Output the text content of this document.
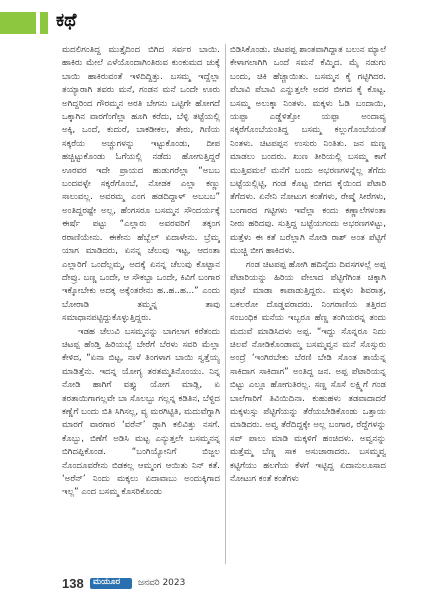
ಕಥೆ

ಮದಲಿಗಂತಿದ್ದ ಮುತ್ತೈದಿಂದ ಬಿಗಿದ ಸರ್ವರ ಬಾಯಿ. ಹಾಕಿರು ಮೇಲೆ ಎಳೆಯೊಂದಾಗಿಂತಿರುವ ಕುಂಕುಮದ ಚುಕ್ಕೆ ಬಾಯಿ ಹಾಕಿರುವಂತೆ ಇಳಿದಿದ್ದಿತ್ತು. ಬಸಮ್ಮ ಇದ್ದೆಲ್ಲಾ ತಯ್ಯಾರಾಗಿ ತವರು ಮನೆ, ಗಂಡನ ಮನೆ ಒಂದೇ ಊರು ಅಗಿದ್ದರಿಂದ ಗೌರಮ್ಮನ ಅರತಿ ಬೇಗನು ಒಟ್ಟಿಗೇ ಹೋಗದೆ ಒಕ್ಕಾಗಿನ ವಾರಗೆಂಗೆಲ್ಲಾ ಹೂಗಿ ಕರೆದು, ಬೆಳ್ಳಿ ತಟ್ಟೆಯಲ್ಲಿ ಅಕ್ಕಿ, ಒಂದೆ, ಕುದುರೆ, ಬಾಕಡೀಕಲ, ತೇರು, ಗಿಣಿಯ ಸಕ್ಕರೆಯ ಅಚ್ಚುಗಳನ್ನು ಇಟ್ಟುಕೊಂಡು, ದೀಪ ಹಚ್ಚಿಟ್ಟುಕೊಂಡು ಓಗೆಯಲ್ಲಿ ನಡೆದು ಹೋಗುತ್ತಿದ್ದರೆ ಊರವರ ಇದೇ ಪ್ರಾಯದ ಹುಡುಗರೆಲ್ಲಾ “ಅಬಬ ಬಂದವಳ್ಳೇ ಸಕ್ಕರೆಗೊಂಬೆ, ನೋಡಕ ಎಲ್ಲಾ ಕಣ್ಣು ಸಾಲುವಲ್ಲ. ಅವರಮ್ಮ ಎಂಗ ಹಡದಿದ್ದಾಳ್ ಅಬಬಬ” ಅಂತಿದ್ದರಷ್ಟೇ ಅಲ್ಲ, ಹೆಂಗಸರೂ ಬಸಮ್ಮನ ಸೌಂದರ್ಯಕ್ಕೆ ಈರ್ಷೆ ಪಟ್ಟು “ಎಲ್ಲಾರು ಅವರವರಿಗೆ ತಕ್ಕಂಗ ರರಾಣಿಯೇನು. ಈಕೇನು ಹೆಬ್ಬೆಲ್ ಏದಾಳೇನು. ಬ್ರೆಮ್ಮ ಯಾಗ ಮಾಡಿದರು, ಏನನ್ನ ಚೆಲುವು ಇಟ್ಟ, ಆದಂತಾ ಎಲ್ಲಾರಿಗೆ ಒಂದೆಲ್ಲಮ್ಮ, ಅದಕ್ಕೆ ಏನನ್ನ ಚೆಲುವು ಕೊಟ್ಟಾನ ದೇವ್ರು. ಬಣ್ಣ ಒಂದೇ, ಆ ಸೌಕಬ್ಬಾ ಒಂದೇ, ಕಿವಿಗೆ ಬಂಗಾರ ಇಕ್ಕೋಬೇಕು ಅದಕ್ಕ ಅಕ್ಕೆಂತರೇನು ಹ..ಹ..ಹ...” ಎಂದು ಬೋರಾಡಿ ತಮ್ಮನ್ನ ತಾವು ಸಮಾಧಾನಪಟ್ಟಿದ್ದುಕೊಳ್ಳುತ್ತಿದ್ದರು.

ಇಡಹ ಚೆಲುವಿ ಬಸಮ್ಮನನ್ನು ಬಾಗಲಾಗ ಕರೆತಂದು ಚಿಟಪ್ಪ ಹೆಂಡ್ತಿ ಹಿರಿಯಬ್ಬೆ ಬೇರೆಗೆ ಬೆರಳು ಸವರಿ ಮೆಲ್ಲಾ ಕೇಳಿದ, “ಏನಾ ಬಿಟ್ಟ, ನಾಳೆ ತಿಂಗಳಾಗ ಬಾಯಿ ಸ್ವತ್ತೆಯ್ಯ ಮಾಡಿತ್ತೆನು. ಇದನ್ನ ಯೋಗ್ಯ ತರತಮ್ಮತಿನೊಂಯು. ನಿನ್ನ ನೋಡಿ ಹಾಗಿಗೆ ವತ್ತ್ಯು ಯೋಗ ಮಾಡ್ಲಿ, ಏ ತರತಾಯಿಗಾಗಲ್ಲವೇ ಬಾ ಸೊಲಬ್ಬು ಗಲ್ಲನ್ನ ಕಡಿತಿನ, ಬೆಳ್ದಿದ ಕಣ್ಣೆಗೆ ಬಂದು ಬಿತಿ ಸಿಗಿಸಲ್ಲ, ವ್ಯ ಮರಗಿಟ್ಟಿತಿ, ಮದುವೆಗ್ನಾಗಿ ಮಾರಗೆ ವಾರಗಾರ ‘ವರೆನ್’ ಡ್ಗಾಗಿ ಕಲಿವಿತ್ತು ನಸಗೆ. ಕೊಬ್ಬು, ಬಿಣೆಗೆ ಅಡಿಸಿ ಮಟ್ಟ ಎನ್ಯುತ್ತಲೇ ಬಸಮ್ಮನನ್ನ ಬಿಗಿದಪ್ಪಿಕೊಂಡ. “ಬಂಗಿಯ್ಯೋನಿಗೆ ಬಿಜ್ಜಲ ನೊಂದೂವರೇನು ಬಿಡಕಲ್ಲ ಆಮ್ಮಂಗ ಆಯಿತು ನಿನ್ ಕತೆ. ‘ಅರೆನ್’ ನಿಂದು ಮಕ್ಕಲು ಏದಾವಾಬು ಅಂದುಕ್ಕಿಗಾದ ಇಲ್ಲ” ಎಂದ ಬಸಮ್ಮ ಕೊಸರಿಕೊಂಡು

ಬಿಡಿಸಿಕೊಂಡು. ಚಿಟಪಪ್ಪ ಶಾಂತವಾಗಿದ್ದಾತ ಬಲುನ ಮ್ಯಾಲೆ ಕೇಳಾಗಲಾಗಿಗಿ ಒಂದೆ ಸಮನೆ ಕೆಮ್ಮಿದ. ಮೈ ನಡುಗು ಬಂದು, ಚಿಕಿ ಹೆಚ್ಚಾಯಿತು. ಬಸಮ್ಮನ ಕೈ ಗಟ್ಟಿಗಿದರ. ಪೆಬಾವಿ ಪೆಬಾವಿ ಎನ್ನುತ್ತಲೇ ಅದರ ಬೀಗದ ಕೈ ಕೊಟ್ಟ. ಬಸಮ್ಮ ಅಲುಕ್ಕಾ ನಿಂತಳು. ಮಕ್ಕಳು ಓಡಿ ಬಂದಾಯಿ, ಯಪ್ಪಾ ಎಡ್ಡೆಳಿತ್ತೋ ಯಪ್ಪಾ ಅಂದಾವ್ಯ ಸಕ್ಕರೆಗೊಂಬೆಯಂತಿದ್ದ ಬಸಮ್ಮ ಕಲ್ಲುಗೊಂಬೆಯಂತೆ ನಿಂತಳು. ಚಿಟಪಪ್ಪನ ಉಸುರು ನಿಂತಿತು. ಜನ ಮಣ್ಣ ಮಾಡಲು ಬಂದರು. ಖುಣ ತೀರಿಯಲ್ಲಿ ಬಸಮ್ಮ ಕಾಗೆ ಮುತ್ತಿವಮಲೆ ಮನೆಗೆ ಬಂದು ಅಭರಣಗಳನ್ನೆಲ್ಲ ತೆಗೆದು ಬಟ್ಟೆಯಲ್ಲಿಟ್ಟಿ, ಗಂಡ ಕೊಟ್ಟ ಬೀಗದ ಕೈಯಿಂದ ಪೆಟಾರಿ ತೆಗೆದಳು. ಏನೇನಿ ನೋಟುಗ ಕಂತೆಗಳು, ರೇಷ್ಮೆ ಸೀರೆಗಳು, ಬಂಗಾರದ ಗಟ್ಟಿಗಳು ಇವೆಲ್ಲಾ ಕಂದು ಕಣ್ಣಾಲೆಗಳಂತಾ ನೀರು ಹರಿದವು. ಸುತ್ತಿದ್ದ ಬಟ್ಟೆಯಗಂದು ಅಭರಣಗಳಿಟ್ಟು, ಮತ್ತೆಳು ಈ ಕತೆ ಬರೆಲ್ಲಾಗಿ ನೋಡಿ ರಾಶ್ ಅಂತ ಪೆಟ್ಟಿಗೆ ಮುಚ್ಚಿ ಬೀಗ ಹಾಕಿದಳು.

ಗಂಡ ಚಿಟಪಪ್ಪ ಹೋಗಿ ಹದಿನೈದು ದಿವಸಗಳಲ್ಲೆ ಅಪ್ಪ ಪೆಟಾರಿಯನ್ನು ಹಿರಿಯ ವೇಲಾದ ಪೆಟ್ಟಿಗೆಗಿಂತ ಚಿಕ್ಕಾಗಿ ಪೂಜೆ ಮಾಡಾ ಕಾಪಾಡುತ್ತಿದ್ದರು. ಮಕ್ಕಳು ಶಿವರಾತ್ರ, ಬಕಲರೋ ದೊಡ್ಡವರಾದರು. ನಿಂಗರಾಣಿಯ ತತ್ತಿರದ ಸಂಬಂಧಿಕ ಮನೆಯ ಇಬ್ಬರೂ ಹೆಣ್ಣ ತಂಗಿಯರನ್ನ ತಂದು ಮದುವೆ ಮಾಡಿಸಿದಳು ಅಪ್ಪ. “ಇದ್ದು ಸೊನ್ನರೂ ನಿದು ಚಿಲವೆ ನೋಡಿಕೊಂಡಾಮ್ಮ ಬಸಮ್ಮವ್ವನ ಮನೆ ಸೊಸ್ಸುರು ಅಂದ್ರೆ ‘ಇಂಗಿರಬೇಕು ಬೆರಣಿ ಬೇಡಿ ಸೊಂತ ತಾಯೆನ್ನ ಸಾಕಿದಾಗ ಸಾಕಿದಾಗ” ಅಂತಿದ್ದ ಜನ. ಅಪ್ಪ ಪೆಟಾರಿಯನ್ನ ಬಿಟ್ಟು ಎಲ್ಲೂ ಹೋಗುತಿರಲ್ಲ. ಸಣ್ಣ ಸೊಸೆ ಲಕ್ಷ್ಮಿಗೆ ಗಂಡ ಬಾಲೆಗಾರಿಗೆ ತಿವಿಯಿದಿನಾ. ಕುಹುಹಳು ತಡವಾದಾದರೆ ಮಕ್ಕಳುಸ್ಸು ಪೆಟ್ಟಿಗೆಯನ್ನು ತೆರೆಯಬೇಡಿಕೊಂಡು ಒತ್ತಾಯ ಮಾಡಿದರು. ಅವ್ವ ತೆರೆದಿದ್ದಕ್ಕೇ ಅಲ್ಲ ಬಂಗಾರ, ರೆದ್ದೆಗಳನ್ನು ಸವ್ ಪಾಲು ಮಾಡಿ ಮಕ್ಕಳಿಗೆ ಹಂಚಿದಳು. ಅವ್ವನನ್ನು ಮತ್ತೆಮ್ಮ ಬೆಣ್ಣ ಸಾಕ ಅಸುಜಾರಾದರು. ಬಸಮ್ಮವ್ವ ಕಟ್ಟಿಗೆಯು ಹಲಗೆಯ ಕೆಳಗೆ ಇಟ್ಟಿದ್ದ ಏದಾನುಲೂಸಾದ ನೋಟುಗ ಕಂತೆ ಕಂತೆಗಳು

138 ಮಯೂರ ಜನವರಿ 2023
